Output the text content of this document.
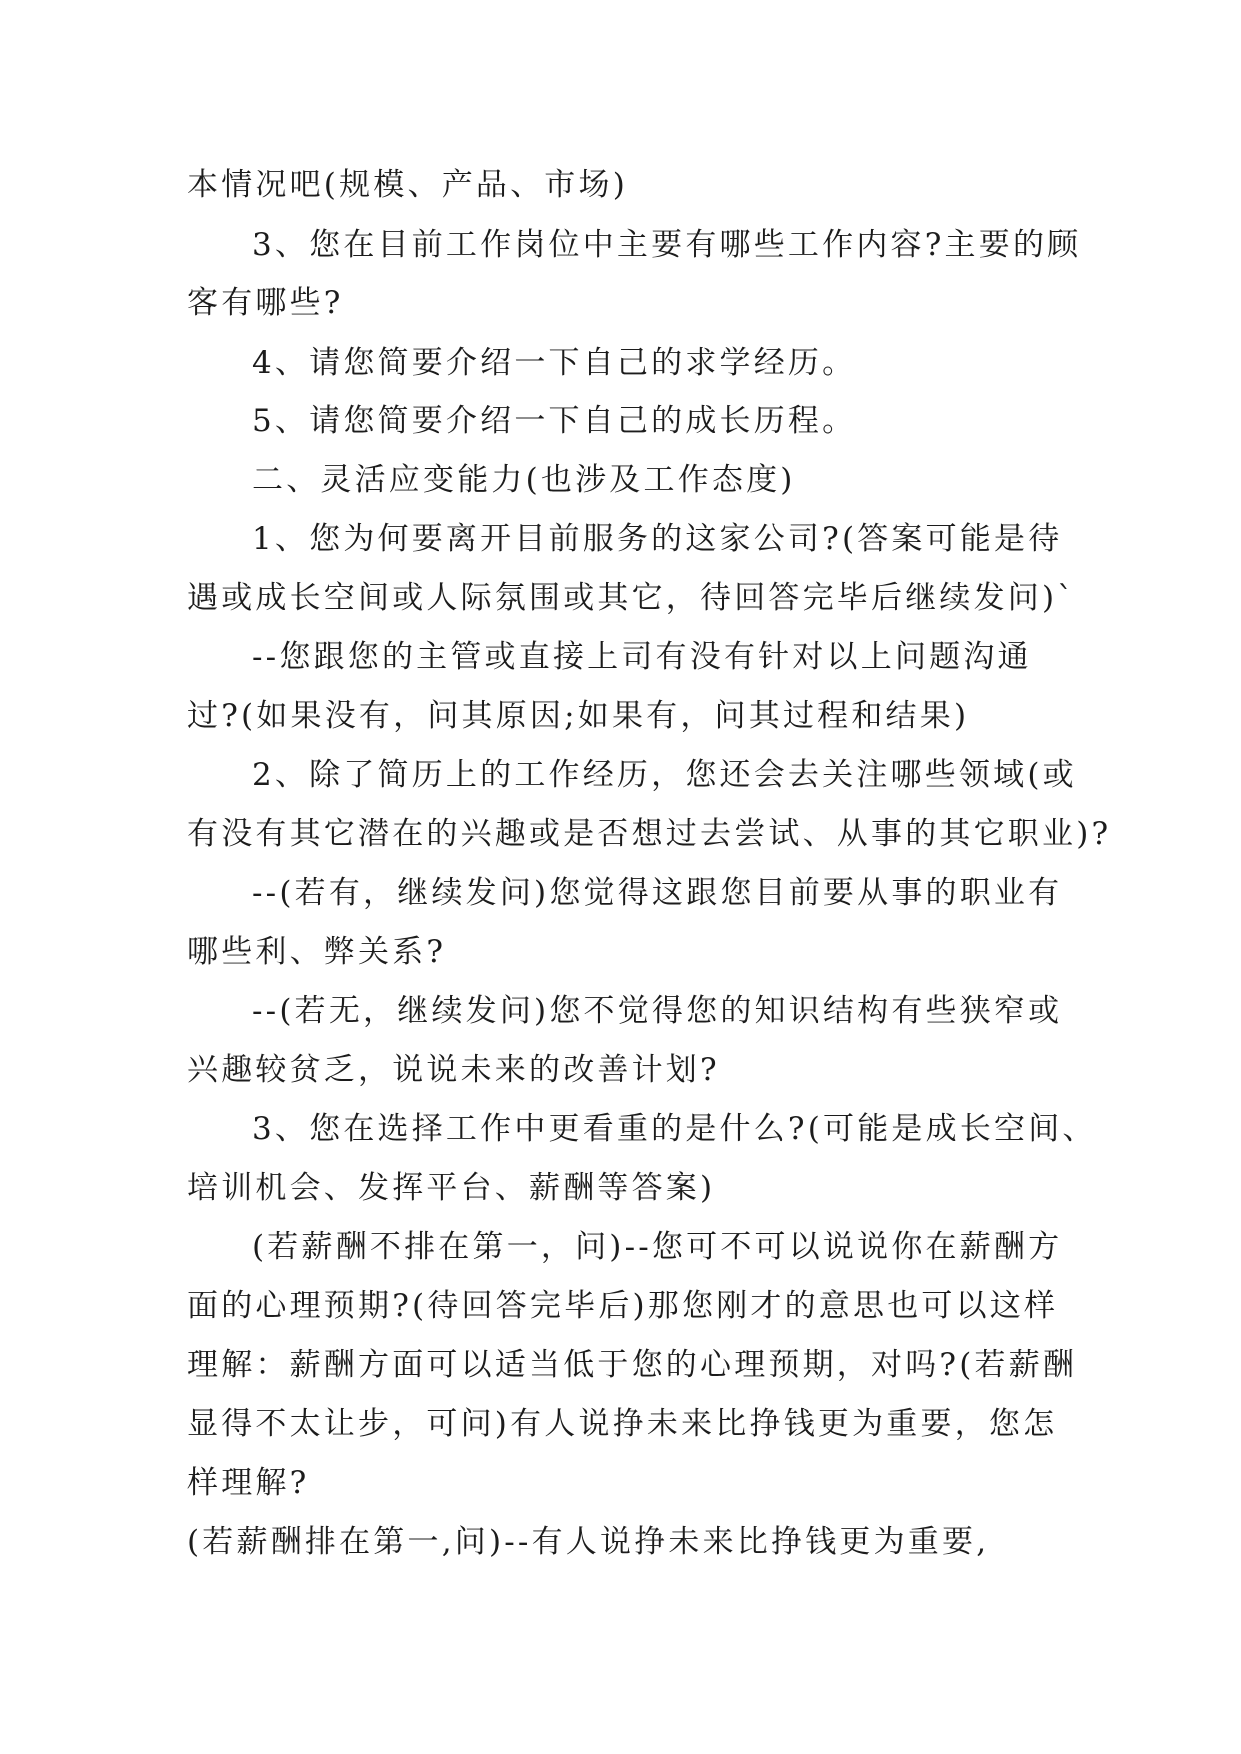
本情况吧(规模、产品、市场)
3、您在目前工作岗位中主要有哪些工作内容?主要的顾
客有哪些?
4、请您简要介绍一下自己的求学经历。
5、请您简要介绍一下自己的成长历程。
二、灵活应变能力(也涉及工作态度)
1、您为何要离开目前服务的这家公司?(答案可能是待
遇或成长空间或人际氛围或其它，待回答完毕后继续发问)`
--您跟您的主管或直接上司有没有针对以上问题沟通
过?(如果没有，问其原因;如果有，问其过程和结果)
2、除了简历上的工作经历，您还会去关注哪些领域(或
有没有其它潜在的兴趣或是否想过去尝试、从事的其它职业)?
--(若有，继续发问)您觉得这跟您目前要从事的职业有
哪些利、弊关系?
--(若无，继续发问)您不觉得您的知识结构有些狭窄或
兴趣较贫乏，说说未来的改善计划?
3、您在选择工作中更看重的是什么?(可能是成长空间、
培训机会、发挥平台、薪酬等答案)
(若薪酬不排在第一，问)--您可不可以说说你在薪酬方
面的心理预期?(待回答完毕后)那您刚才的意思也可以这样
理解：薪酬方面可以适当低于您的心理预期，对吗?(若薪酬
显得不太让步，可问)有人说挣未来比挣钱更为重要，您怎
样理解?
(若薪酬排在第一,问)--有人说挣未来比挣钱更为重要,
